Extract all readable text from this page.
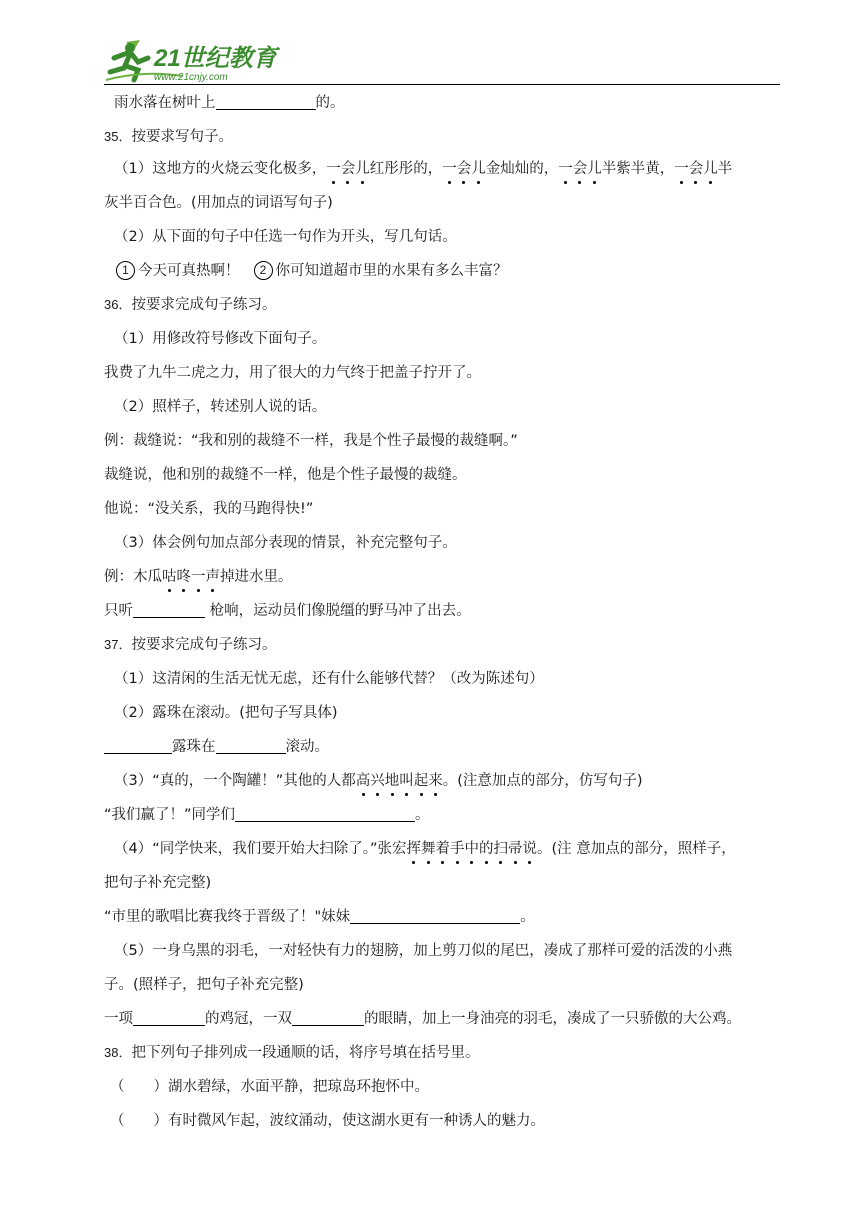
21世纪教育
www.21cnjy.com
雨水落在树叶上	的。
35．按要求写句子。
（1）这地方的火烧云变化极多，一会儿红彤彤的，一会儿金灿灿的，一会儿半紫半黄，一会儿半
灰半百合色。(用加点的词语写句子)
（2）从下面的句子中任选一句作为开头，写几句话。
1 今天可真热啊！ 2 你可知道超市里的水果有多么丰富？
36．按要求完成句子练习。
（1）用修改符号修改下面句子。
我费了九牛二虎之力，用了很大的力气终于把盖子拧开了。
（2）照样子，转述别人说的话。
例：裁缝说：“我和别的裁缝不一样，我是个性子最慢的裁缝啊。”
裁缝说，他和别的裁缝不一样，他是个性子最慢的裁缝。
他说：“没关系，我的马跑得快!”
（3）体会例句加点部分表现的情景，补充完整句子。
例：木瓜咕咚一声掉进水里。
只听	枪响，运动员们像脱缰的野马冲了出去。
37．按要求完成句子练习。
（1）这清闲的生活无忧无虑，还有什么能够代替？（改为陈述句）
（2）露珠在滚动。(把句子写具体)
露珠在	滚动。
（3）“真的，一个陶罐！”其他的人都高兴地叫起来。(注意加点的部分，仿写句子)
“我们赢了！”同学们	。
（4）“同学快来，我们要开始大扫除了。”张宏挥舞着手中的扫帚说。(注 意加点的部分，照样子，
把句子补充完整)
“市里的歌唱比赛我终于晋级了！"妹妹	。
（5）一身乌黑的羽毛，一对轻快有力的翅膀，加上剪刀似的尾巴，凑成了那样可爱的活泼的小燕
子。(照样子，把句子补充完整)
一项	的鸡冠，一双	的眼睛，加上一身油亮的羽毛，凑成了一只骄傲的大公鸡。
38．把下列句子排列成一段通顺的话，将序号填在括号里。
（　　）湖水碧绿，水面平静，把琼岛环抱怀中。
（　　）有时微风乍起，波纹涌动，使这湖水更有一种诱人的魅力。
